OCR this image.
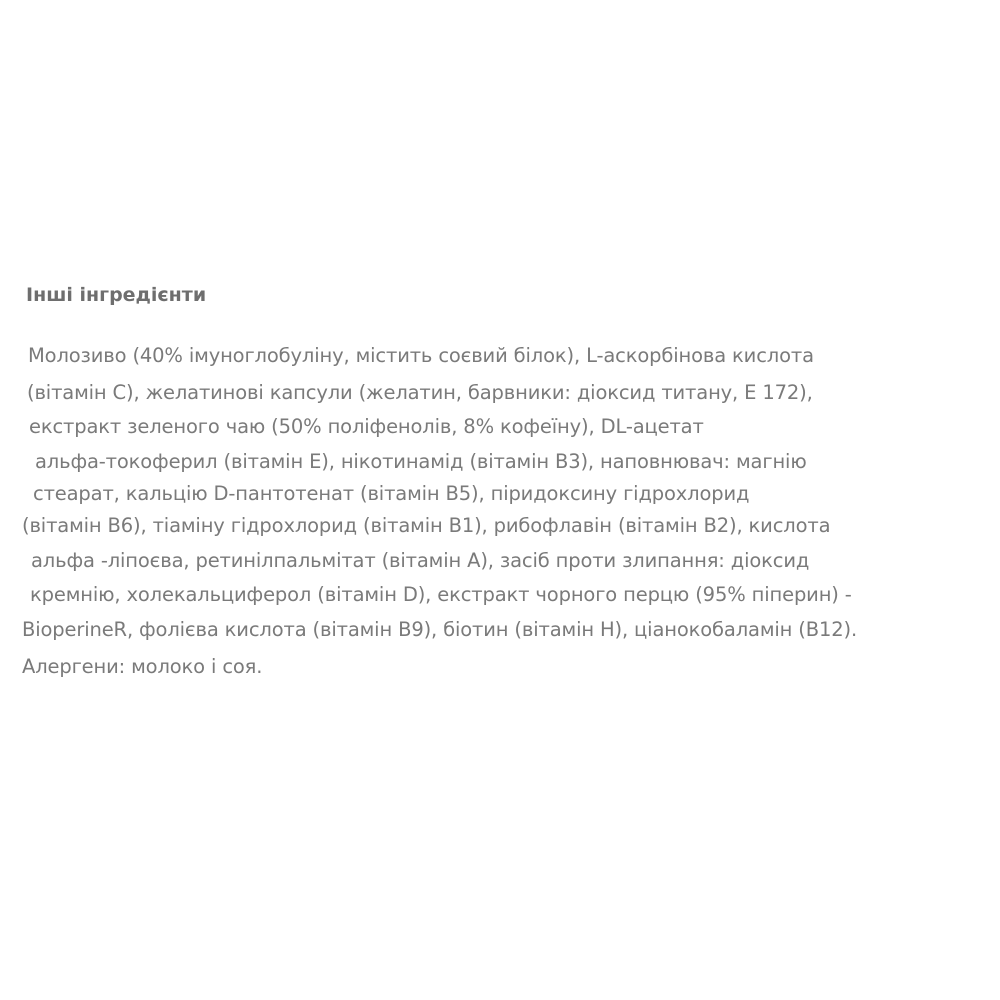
Інші інгредієнти
Молозиво (40% імуноглобуліну, містить соєвий білок), L-аскорбінова кислота
(вітамін С), желатинові капсули (желатин, барвники: діоксид титану, Е 172),
екстракт зеленого чаю (50% поліфенолів, 8% кофеїну), DL-ацетат
альфа-токоферил (вітамін Е), нікотинамід (вітамін В3), наповнювач: магнію
стеарат, кальцію D-пантотенат (вітамін В5), піридоксину гідрохлорид
(вітамін В6), тіаміну гідрохлорид (вітамін В1), рибофлавін (вітамін В2), кислота
альфа -ліпоєва, ретинілпальмітат (вітамін А), засіб проти злипання: діоксид
кремнію, холекальциферол (вітамін D), екстракт чорного перцю (95% піперин) -
BioperineR, фолієва кислота (вітамін В9), біотин (вітамін Н), ціанокобаламін (В12).
Алергени: молоко і соя.
